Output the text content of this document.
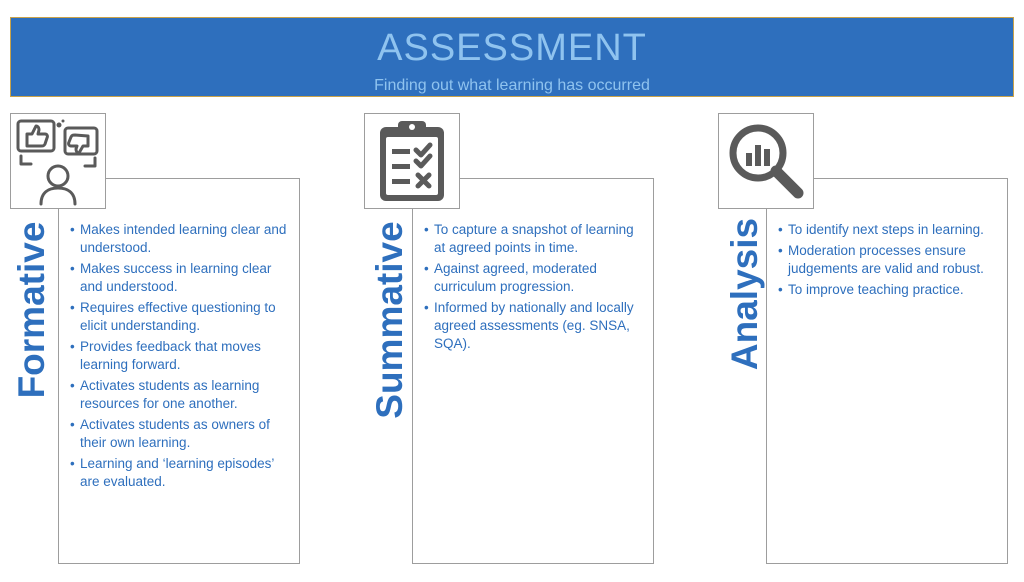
ASSESSMENT
Finding out what learning has occurred
Formative	• Makes intended learning clear and understood.
• Makes success in learning clear and understood.
• Requires effective questioning to elicit understanding.
• Provides feedback that moves learning forward.
• Activates students as learning resources for one another.
• Activates students as owners of their own learning.
• Learning and ‘learning episodes’ are evaluated.
Summative	• To capture a snapshot of learning at agreed points in time.
• Against agreed, moderated curriculum progression.
• Informed by nationally and locally agreed assessments (eg. SNSA, SQA).	Analysis	• To identify next steps in learning.
• Moderation processes ensure judgements are valid and robust.
• To improve teaching practice.
